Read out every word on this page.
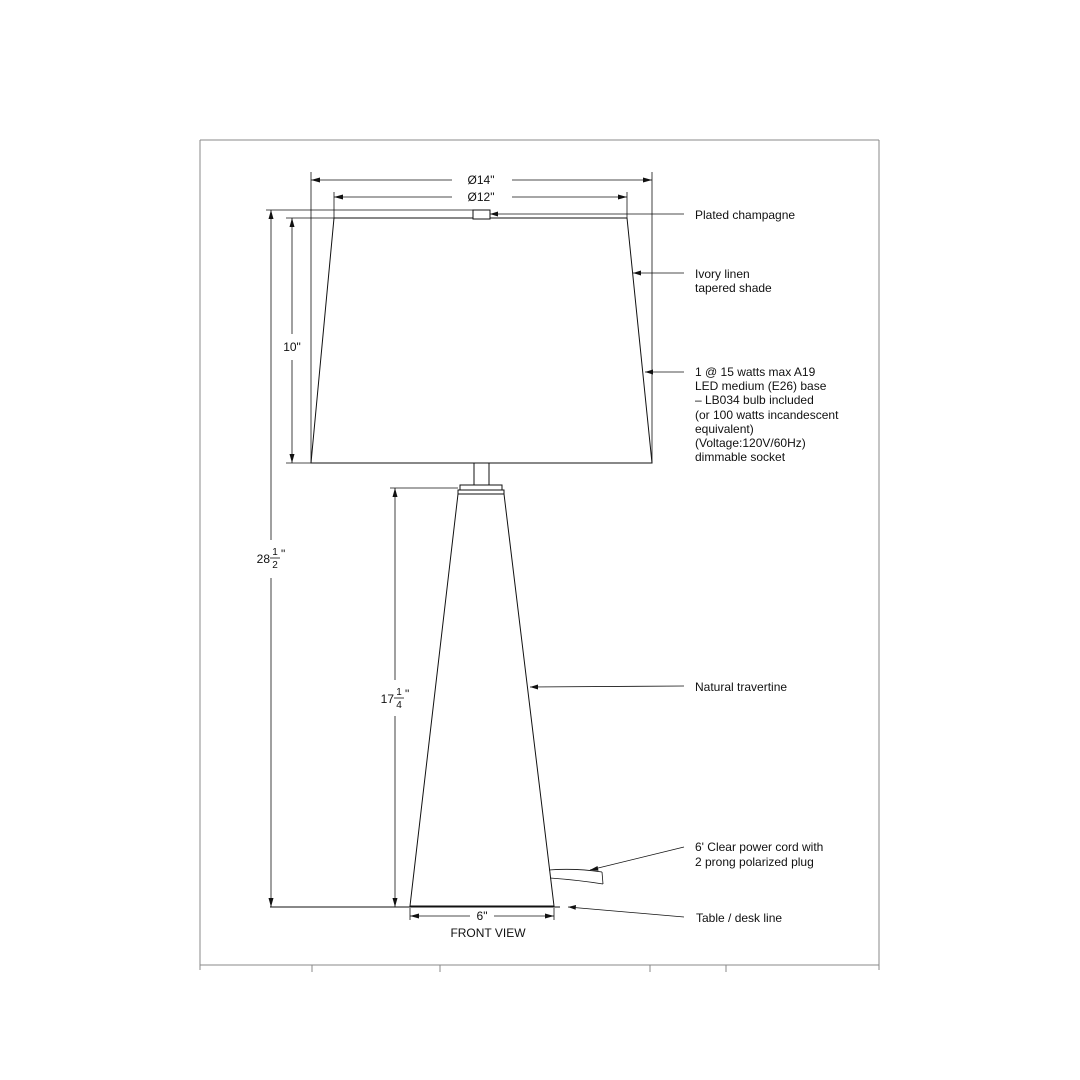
Ø14"
Ø12"
10"
28 1
2
"
17 1
4
"
6"
FRONT VIEW
Plated champagne
Ivory linen
tapered shade
1 @ 15 watts max A19
LED medium (E26) base
– LB034 bulb included
(or 100 watts incandescent
equivalent)
(Voltage:120V/60Hz)
dimmable socket
Natural travertine
6' Clear power cord with
2 prong polarized plug
Table / desk line
